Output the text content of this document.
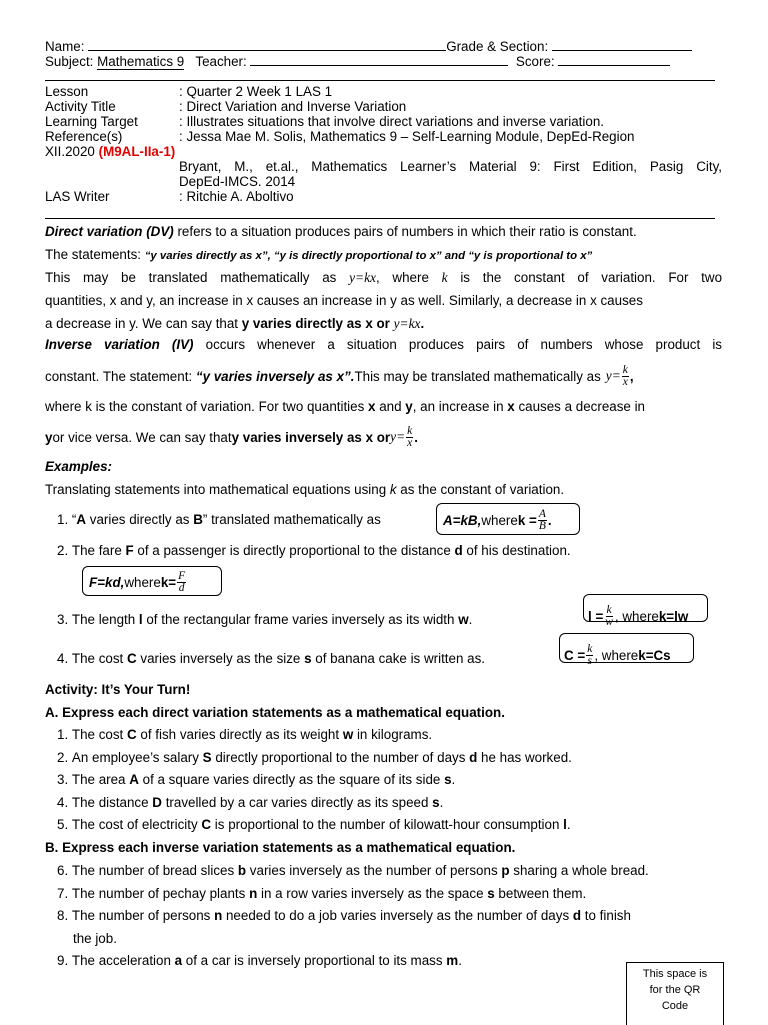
Name:	Grade & Section:
Subject: Mathematics 9 Teacher:	Score:
Lesson	: Quarter 2 Week 1 LAS 1
Activity Title	: Direct Variation and Inverse Variation
Learning Target	: Illustrates situations that involve direct variations and inverse variation.
Reference(s)	: Jessa Mae M. Solis, Mathematics 9 – Self-Learning Module, DepEd-Region
XII.2020 (M9AL-IIa-1)
Bryant, M., et.al., Mathematics Learner’s Material 9: First Edition, Pasig City,
DepEd-IMCS. 2014
LAS Writer	: Ritchie A. Aboltivo
Direct variation (DV) refers to a situation produces pairs of numbers in which their ratio is constant.
The statements: “y varies directly as x”, “y is directly proportional to x” and “y is proportional to x”
This may be translated mathematically as y=kx, where k is the constant of variation. For two
quantities, x and y, an increase in x causes an increase in y as well. Similarly, a decrease in x causes
a decrease in y. We can say that y varies directly as x or y=kx.
Inverse variation (IV) occurs whenever a situation produces pairs of numbers whose product is
constant. The statement:
“y varies inversely as x”. This may be translated mathematically as $y= \frac{k}{x}$ ,
where k is the constant of variation. For two quantities x and y, an increase in x causes a decrease in
y or vice versa. We can say that y varies inversely as x or $y= \frac{k}{x}$ .
Examples:
Translating statements into mathematical equations using k as the constant of variation.
1. “A varies directly as B” translated mathematically as	A=kB, where $k = \frac{A}{B}$ .
2. The fare F of a passenger is directly proportional to the distance d of his destination.
F=kd, where $k= \frac{F}{d}$
3. The length l of the rectangular frame varies inversely as its width w.	$l = \frac{k}{w}$ , where k=lw
4. The cost C varies inversely as the size s of banana cake is written as.	$C = \frac{k}{s}$ , where k=Cs
Activity: It’s Your Turn!
A. Express each direct variation statements as a mathematical equation.
1. The cost C of fish varies directly as its weight w in kilograms.
2. An employee’s salary S directly proportional to the number of days d he has worked.
3. The area A of a square varies directly as the square of its side s.
4. The distance D travelled by a car varies directly as its speed s.
5. The cost of electricity C is proportional to the number of kilowatt-hour consumption l.
B. Express each inverse variation statements as a mathematical equation.
6. The number of bread slices b varies inversely as the number of persons p sharing a whole bread.
7. The number of pechay plants n in a row varies inversely as the space s between them.
8. The number of persons n needed to do a job varies inversely as the number of days d to finish
the job.
9. The acceleration a of a car is inversely proportional to its mass m.
This space is
for the QR
Code
